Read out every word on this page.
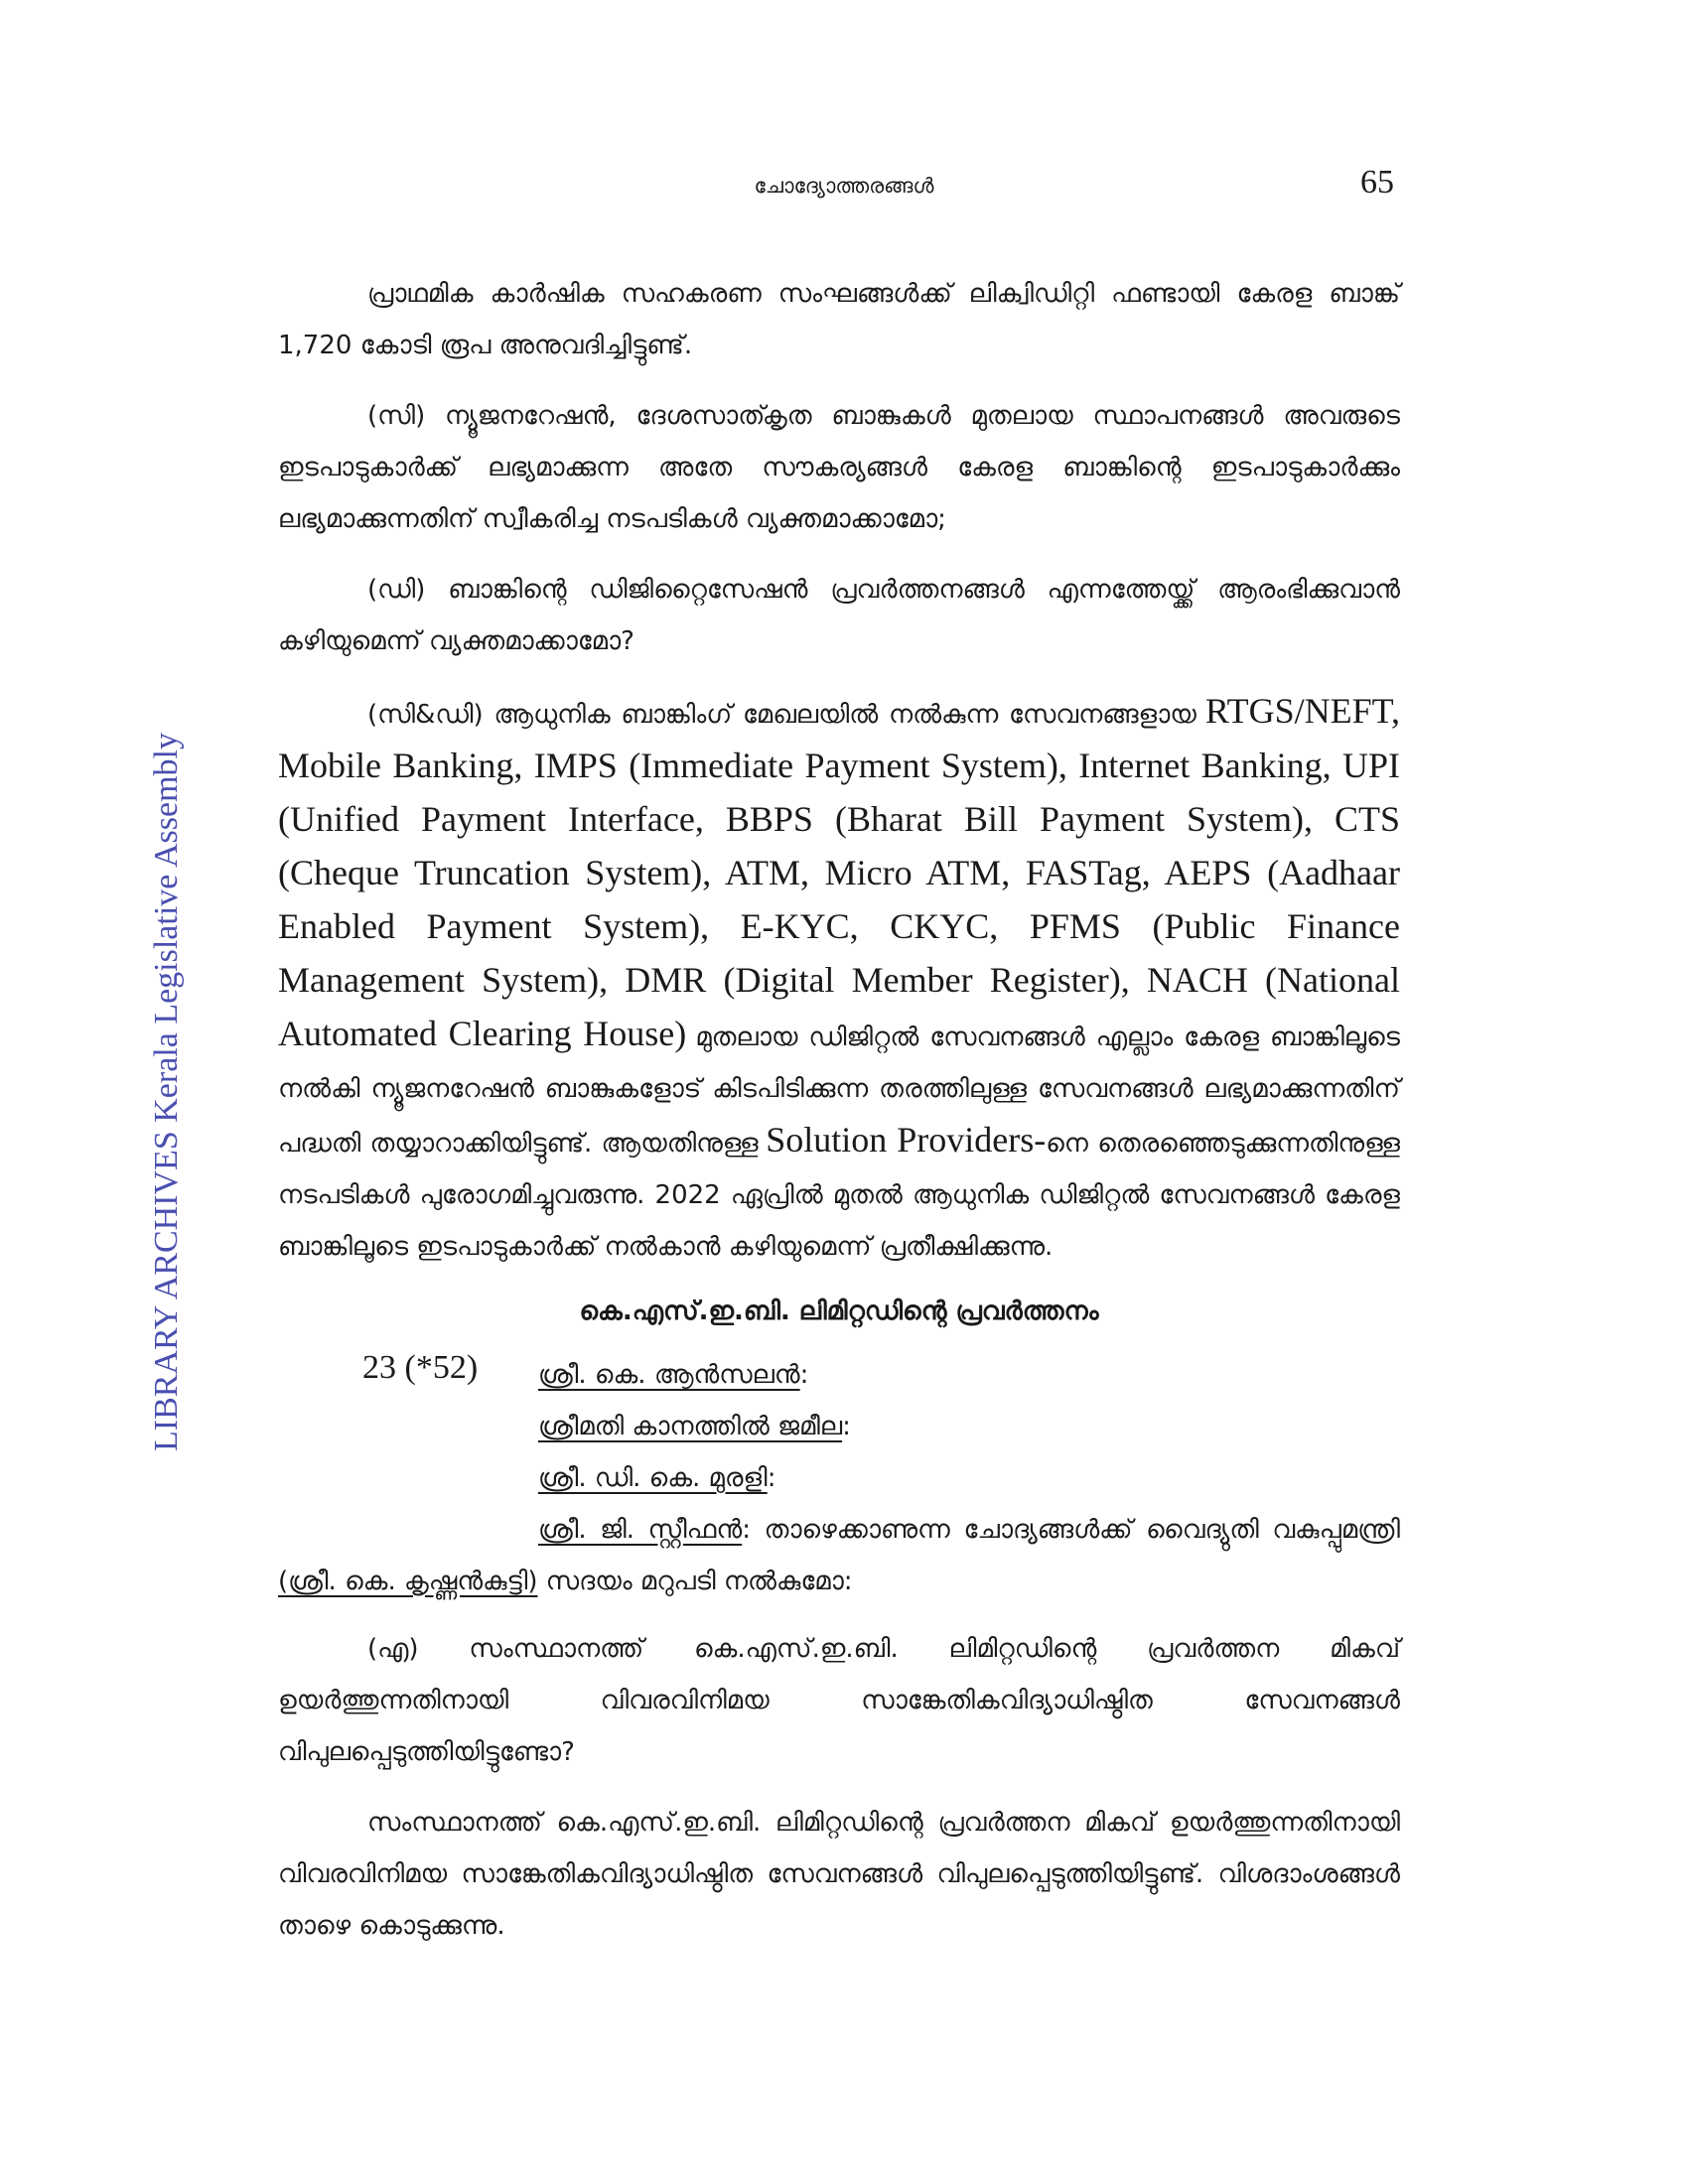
LIBRARY ARCHIVES Kerala Legislative Assembly
ചോദ്യോത്തരങ്ങൾ	65

പ്രാഥമിക കാർഷിക സഹകരണ സംഘങ്ങൾക്ക് ലിക്വിഡിറ്റി ഫണ്ടായി കേരള ബാങ്ക് 1,720 കോടി രൂപ അനുവദിച്ചിട്ടുണ്ട്.

(സി) ന്യൂജനറേഷൻ, ദേശസാത്കൃത ബാങ്കുകൾ മുതലായ സ്ഥാപനങ്ങൾ അവരുടെ ഇടപാടുകാർക്ക് ലഭ്യമാക്കുന്ന അതേ സൗകര്യങ്ങൾ കേരള ബാങ്കിന്റെ ഇടപാടുകാർക്കും ലഭ്യമാക്കുന്നതിന് സ്വീകരിച്ച നടപടികൾ വ്യക്തമാക്കാമോ;

(ഡി) ബാങ്കിന്റെ ഡിജിറ്റൈസേഷൻ പ്രവർത്തനങ്ങൾ എന്നത്തേയ്ക്ക് ആരംഭിക്കുവാൻ കഴിയുമെന്ന് വ്യക്തമാക്കാമോ?

(സി&ഡി) ആധുനിക ബാങ്കിംഗ് മേഖലയിൽ നൽകുന്ന സേവനങ്ങളായ RTGS/NEFT, Mobile Banking, IMPS (Immediate Payment System), Internet Banking, UPI (Unified Payment Interface, BBPS (Bharat Bill Payment System), CTS (Cheque Truncation System), ATM, Micro ATM, FASTag, AEPS (Aadhaar Enabled Payment System), E-KYC, CKYC, PFMS (Public Finance Management System), DMR (Digital Member Register), NACH (National Automated Clearing House) മുതലായ ഡിജിറ്റൽ സേവനങ്ങൾ എല്ലാം കേരള ബാങ്കിലൂടെ നൽകി ന്യൂജനറേഷൻ ബാങ്കുകളോട് കിടപിടിക്കുന്ന തരത്തിലുള്ള സേവനങ്ങൾ ലഭ്യമാക്കുന്നതിന് പദ്ധതി തയ്യാറാക്കിയിട്ടുണ്ട്. ആയതിനുള്ള Solution Providers-നെ തെരഞ്ഞെടുക്കുന്നതിനുള്ള നടപടികൾ പുരോഗമിച്ചുവരുന്നു. 2022 ഏപ്രിൽ മുതൽ ആധുനിക ഡിജിറ്റൽ സേവനങ്ങൾ കേരള ബാങ്കിലൂടെ ഇടപാടുകാർക്ക് നൽകാൻ കഴിയുമെന്ന് പ്രതീക്ഷിക്കുന്നു.

കെ.എസ്.ഇ.ബി. ലിമിറ്റഡിന്റെ പ്രവർത്തനം
23 (*52)	ശ്രീ. കെ. ആൻസലൻ:
ശ്രീമതി കാനത്തിൽ ജമീല:
ശ്രീ. ഡി. കെ. മുരളി:
ശ്രീ. ജി. സ്റ്റീഫൻ: താഴെക്കാണുന്ന ചോദ്യങ്ങൾക്ക് വൈദ്യുതി വകുപ്പുമന്ത്രി (ശ്രീ. കെ. കൃഷ്ണൻകുട്ടി) സദയം മറുപടി നൽകുമോ:

(എ) സംസ്ഥാനത്ത് കെ.എസ്.ഇ.ബി. ലിമിറ്റഡിന്റെ പ്രവർത്തന മികവ് ഉയർത്തുന്നതിനായി വിവരവിനിമയ സാങ്കേതികവിദ്യാധിഷ്ഠിത സേവനങ്ങൾ വിപുലപ്പെടുത്തിയിട്ടുണ്ടോ?

സംസ്ഥാനത്ത് കെ.എസ്.ഇ.ബി. ലിമിറ്റഡിന്റെ പ്രവർത്തന മികവ് ഉയർത്തുന്നതിനായി വിവരവിനിമയ സാങ്കേതികവിദ്യാധിഷ്ഠിത സേവനങ്ങൾ വിപുലപ്പെടുത്തിയിട്ടുണ്ട്. വിശദാംശങ്ങൾ താഴെ കൊടുക്കുന്നു.
